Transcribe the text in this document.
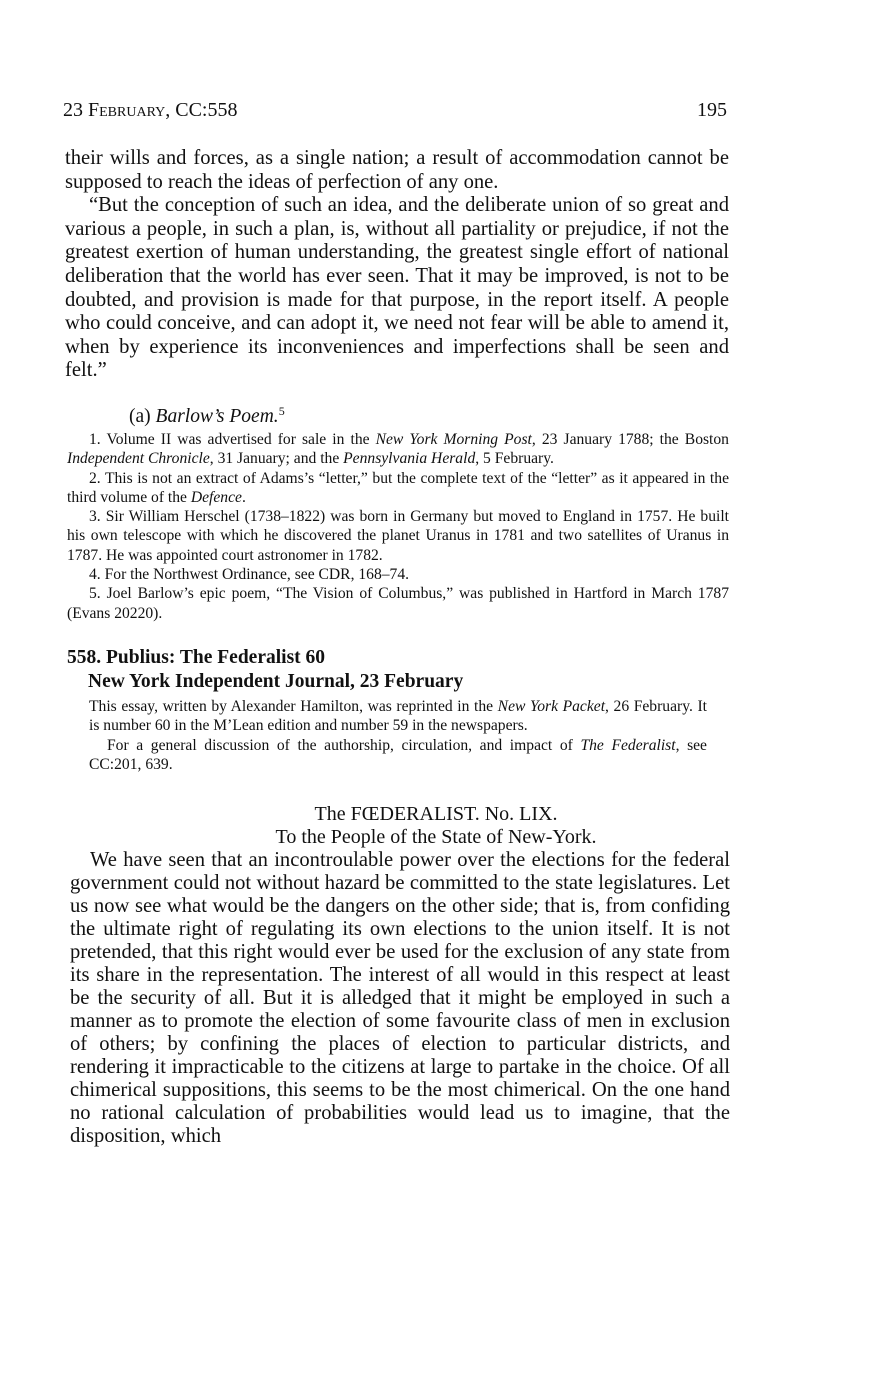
23 February, CC:558	195

their wills and forces, as a single nation; a result of accommodation cannot be supposed to reach the ideas of perfection of any one.

“But the conception of such an idea, and the deliberate union of so great and various a people, in such a plan, is, without all partiality or prejudice, if not the greatest exertion of human understanding, the greatest single effort of national deliberation that the world has ever seen. That it may be improved, is not to be doubted, and provision is made for that purpose, in the report itself. A people who could conceive, and can adopt it, we need not fear will be able to amend it, when by experience its inconveniences and imperfections shall be seen and felt.”

(a) Barlow’s Poem.$^5$

1. Volume II was advertised for sale in the New York Morning Post, 23 January 1788; the Boston Independent Chronicle, 31 January; and the Pennsylvania Herald, 5 February.

2. This is not an extract of Adams’s “letter,” but the complete text of the “letter” as it appeared in the third volume of the Defence.

3. Sir William Herschel (1738–1822) was born in Germany but moved to England in 1757. He built his own telescope with which he discovered the planet Uranus in 1781 and two satellites of Uranus in 1787. He was appointed court astronomer in 1782.

4. For the Northwest Ordinance, see CDR, 168–74.

5. Joel Barlow’s epic poem, “The Vision of Columbus,” was published in Hartford in March 1787 (Evans 20220).

558. Publius: The Federalist 60
New York Independent Journal, 23 February

This essay, written by Alexander Hamilton, was reprinted in the New York Packet, 26 February. It is number 60 in the M’Lean edition and number 59 in the newspapers.

For a general discussion of the authorship, circulation, and impact of The Federalist, see CC:201, 639.

The FŒDERALIST. No. LIX.
To the People of the State of New-York.

We have seen that an incontroulable power over the elections for the federal government could not without hazard be committed to the state legislatures. Let us now see what would be the dangers on the other side; that is, from confiding the ultimate right of regulating its own elections to the union itself. It is not pretended, that this right would ever be used for the exclusion of any state from its share in the representation. The interest of all would in this respect at least be the security of all. But it is alledged that it might be employed in such a manner as to promote the election of some favourite class of men in exclusion of others; by confining the places of election to particular districts, and rendering it impracticable to the citizens at large to partake in the choice. Of all chimerical suppositions, this seems to be the most chimerical. On the one hand no rational calculation of probabilities would lead us to imagine, that the disposition, which
